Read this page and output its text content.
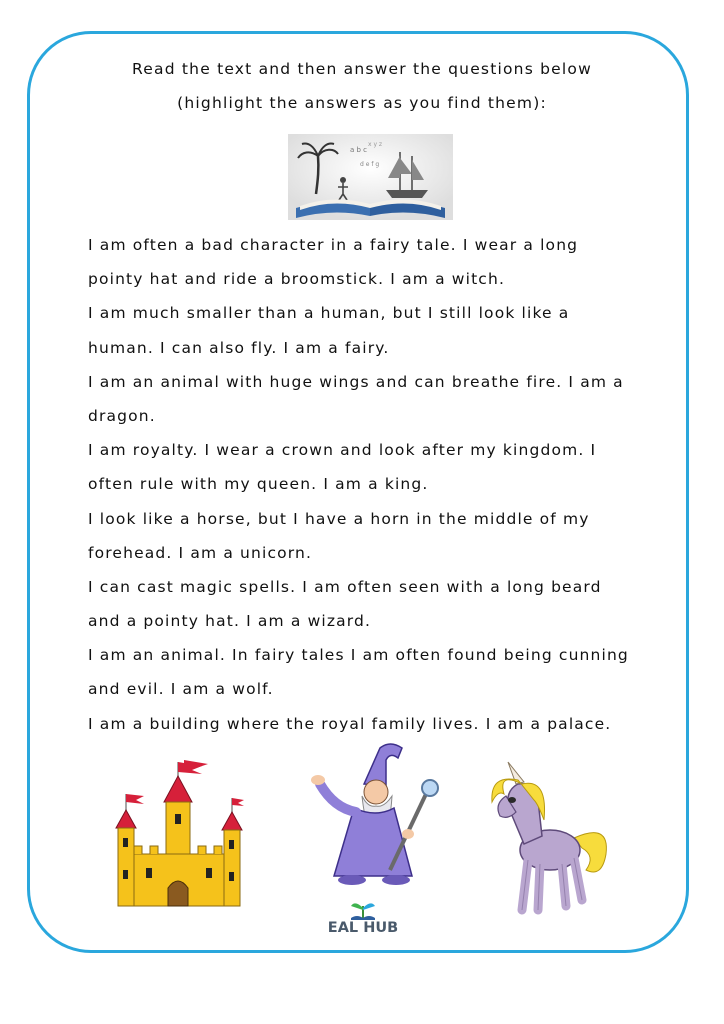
Read the text and then answer the questions below
(highlight the answers as you find them):
a b c
d e f g
x y z
I am often a bad character in a fairy tale. I wear a long
pointy hat and ride a broomstick. I am a witch.
I am much smaller than a human, but I still look like a
human. I can also fly. I am a fairy.
I am an animal with huge wings and can breathe fire. I am a
dragon.
I am royalty. I wear a crown and look after my kingdom. I
often rule with my queen. I am a king.
I look like a horse, but I have a horn in the middle of my
forehead. I am a unicorn.
I can cast magic spells. I am often seen with a long beard
and a pointy hat. I am a wizard.
I am an animal. In fairy tales I am often found being cunning
and evil. I am a wolf.
I am a building where the royal family lives. I am a palace.
EAL HUB
